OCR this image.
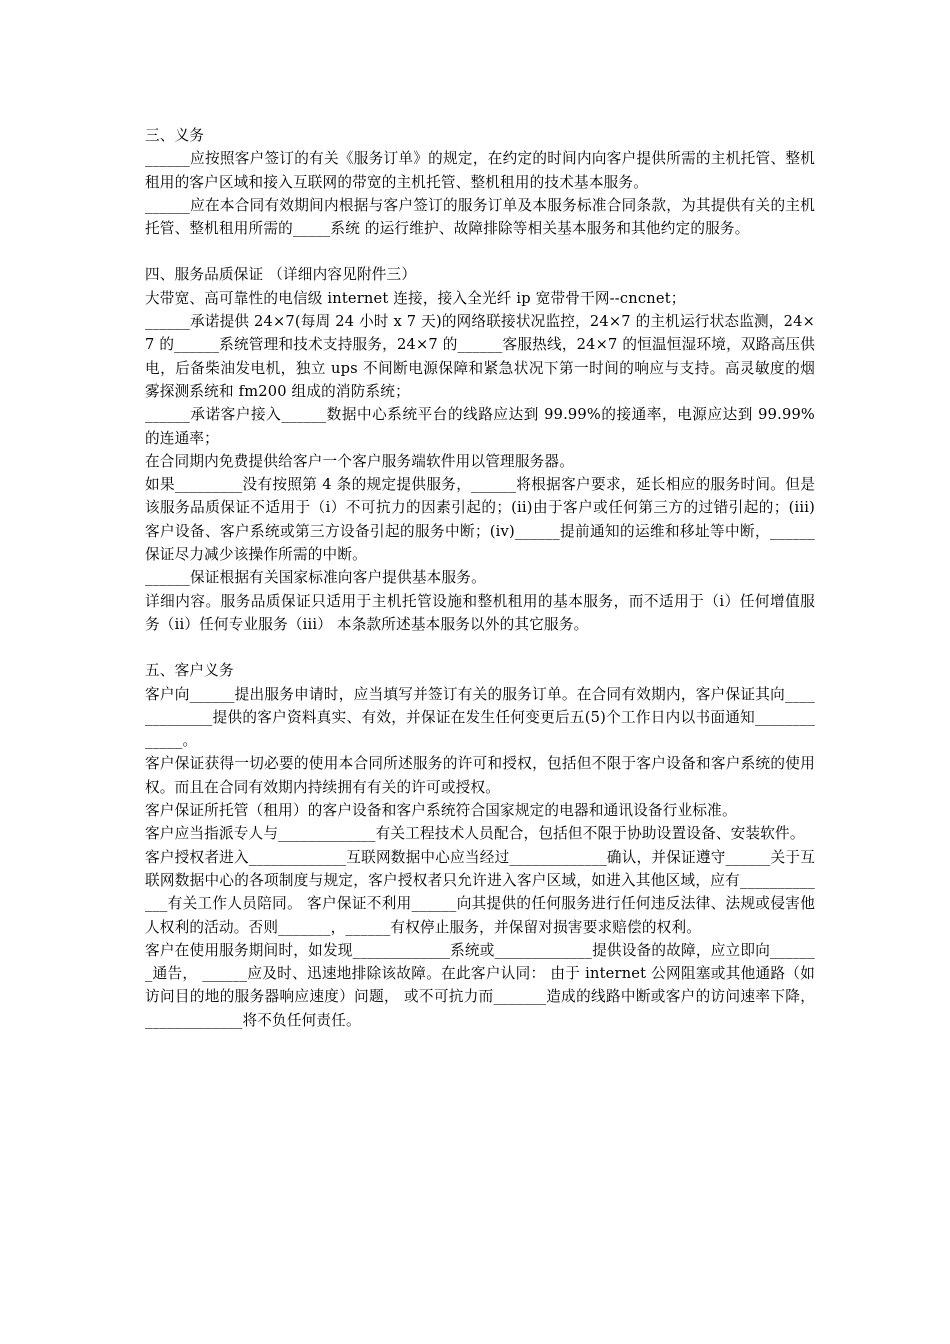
三、义务

______应按照客户签订的有关《服务订单》的规定，在约定的时间内向客户提供所需的主机托管、整机租用的客户区域和接入互联网的带宽的主机托管、整机租用的技术基本服务。

______应在本合同有效期间内根据与客户签订的服务订单及本服务标准合同条款，为其提供有关的主机托管、整机租用所需的_____系统 的运行维护、故障排除等相关基本服务和其他约定的服务。

四、服务品质保证 （详细内容见附件三）

大带宽、高可靠性的电信级 internet 连接，接入全光纤 ip 宽带骨干网--cncnet；

______承诺提供 24×7(每周 24 小时 x 7 天)的网络联接状况监控，24×7 的主机运行状态监测，24×7 的______系统管理和技术支持服务，24×7 的______客服热线，24×7 的恒温恒湿环境，双路高压供电，后备柴油发电机，独立 ups 不间断电源保障和紧急状况下第一时间的响应与支持。高灵敏度的烟雾探测系统和 fm200 组成的消防系统；

______承诺客户接入______数据中心系统平台的线路应达到 99.99%的接通率，电源应达到 99.99%的连通率；

在合同期内免费提供给客户一个客户服务端软件用以管理服务器。

如果_________没有按照第 4 条的规定提供服务，______将根据客户要求，延长相应的服务时间。但是该服务品质保证不适用于（i）不可抗力的因素引起的；(ii)由于客户或任何第三方的过错引起的；(iii)客户设备、客户系统或第三方设备引起的服务中断；(iv)______提前通知的运维和移址等中断，______保证尽力减少该操作所需的中断。

______保证根据有关国家标准向客户提供基本服务。

详细内容。服务品质保证只适用于主机托管设施和整机租用的基本服务，而不适用于（i）任何增值服务（ii）任何专业服务（iii） 本条款所述基本服务以外的其它服务。

五、客户义务

客户向______提出服务申请时，应当填写并签订有关的服务订单。在合同有效期内，客户保证其向_____________提供的客户资料真实、有效，并保证在发生任何变更后五(5)个工作日内以书面通知_____________。

客户保证获得一切必要的使用本合同所述服务的许可和授权，包括但不限于客户设备和客户系统的使用权。而且在合同有效期内持续拥有有关的许可或授权。

客户保证所托管（租用）的客户设备和客户系统符合国家规定的电器和通讯设备行业标准。

客户应当指派专人与_____________有关工程技术人员配合，包括但不限于协助设置设备、安装软件。

客户授权者进入_____________互联网数据中心应当经过_____________确认，并保证遵守______关于互联网数据中心的各项制度与规定，客户授权者只允许进入客户区域，如进入其他区域，应有_____________有关工作人员陪同。 客户保证不利用______向其提供的任何服务进行任何违反法律、法规或侵害他人权利的活动。否则_______，______有权停止服务，并保留对损害要求赔偿的权利。

客户在使用服务期间时，如发现_____________系统或_____________提供设备的故障，应立即向_______通告， ______应及时、迅速地排除该故障。在此客户认同： 由于 internet 公网阻塞或其他通路（如访问目的地的服务器响应速度）问题， 或不可抗力而_______造成的线路中断或客户的访问速率下降， _____________将不负任何责任。
